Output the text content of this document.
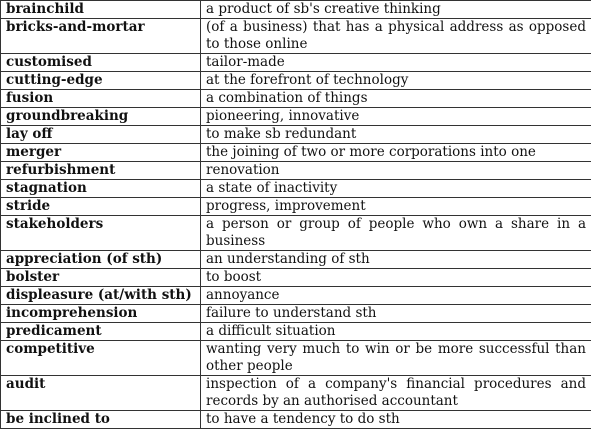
brainchild	a product of sb's creative thinking
bricks-and-mortar	(of a business) that has a physical address as opposed to those online
customised	tailor-made
cutting-edge	at the forefront of technology
fusion	a combination of things
groundbreaking	pioneering, innovative
lay off	to make sb redundant
merger	the joining of two or more corporations into one
refurbishment	renovation
stagnation	a state of inactivity
stride	progress, improvement
stakeholders	a person or group of people who own a share in a business
appreciation (of sth)	an understanding of sth
bolster	to boost
displeasure (at/with sth)	annoyance
incomprehension	failure to understand sth
predicament	a difficult situation
competitive	wanting very much to win or be more successful than other people
audit	inspection of a company's financial procedures and records by an authorised accountant
be inclined to	to have a tendency to do sth
